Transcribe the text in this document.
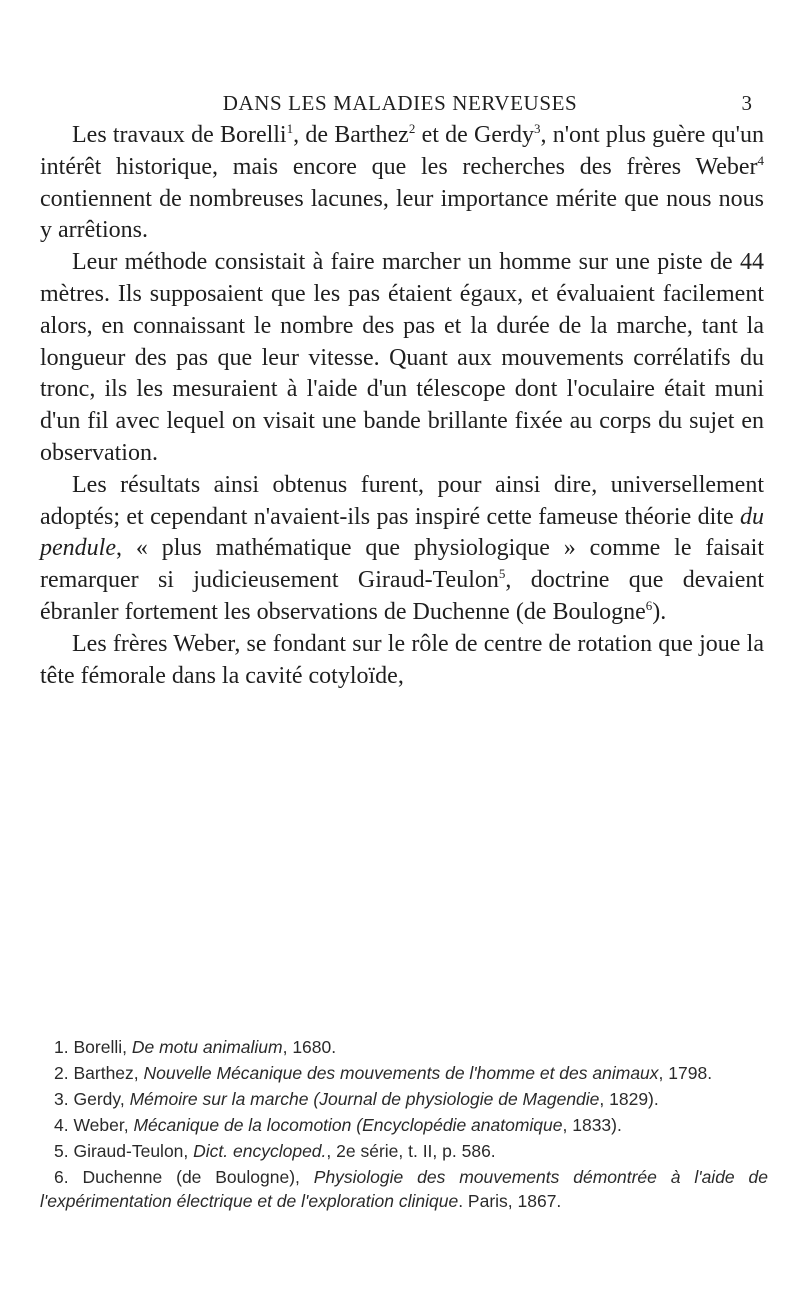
DANS LES MALADIES NERVEUSES	3

Les travaux de Borelli$^1$, de Barthez$^2$ et de Gerdy$^3$, n'ont plus guère qu'un intérêt historique, mais encore que les recherches des frères Weber$^4$ contiennent de nombreuses lacunes, leur importance mérite que nous nous y arrêtions.

Leur méthode consistait à faire marcher un homme sur une piste de 44 mètres. Ils supposaient que les pas étaient égaux, et évaluaient facilement alors, en connaissant le nombre des pas et la durée de la marche, tant la longueur des pas que leur vitesse. Quant aux mouvements corrélatifs du tronc, ils les mesuraient à l'aide d'un télescope dont l'oculaire était muni d'un fil avec lequel on visait une bande brillante fixée au corps du sujet en observation.

Les résultats ainsi obtenus furent, pour ainsi dire, universellement adoptés; et cependant n'avaient-ils pas inspiré cette fameuse théorie dite du pendule, « plus mathématique que physiologique » comme le faisait remarquer si judicieusement Giraud-Teulon$^5$, doctrine que devaient ébranler fortement les observations de Duchenne (de Boulogne$^6$).

Les frères Weber, se fondant sur le rôle de centre de rotation que joue la tête fémorale dans la cavité cotyloïde,

1. Borelli, De motu animalium, 1680.

2. Barthez, Nouvelle Mécanique des mouvements de l'homme et des animaux, 1798.

3. Gerdy, Mémoire sur la marche (Journal de physiologie de Magendie, 1829).

4. Weber, Mécanique de la locomotion (Encyclopédie anatomique, 1833).

5. Giraud-Teulon, Dict. encycloped., 2e série, t. II, p. 586.

6. Duchenne (de Boulogne), Physiologie des mouvements démontrée à l'aide de l'expérimentation électrique et de l'exploration clinique. Paris, 1867.
